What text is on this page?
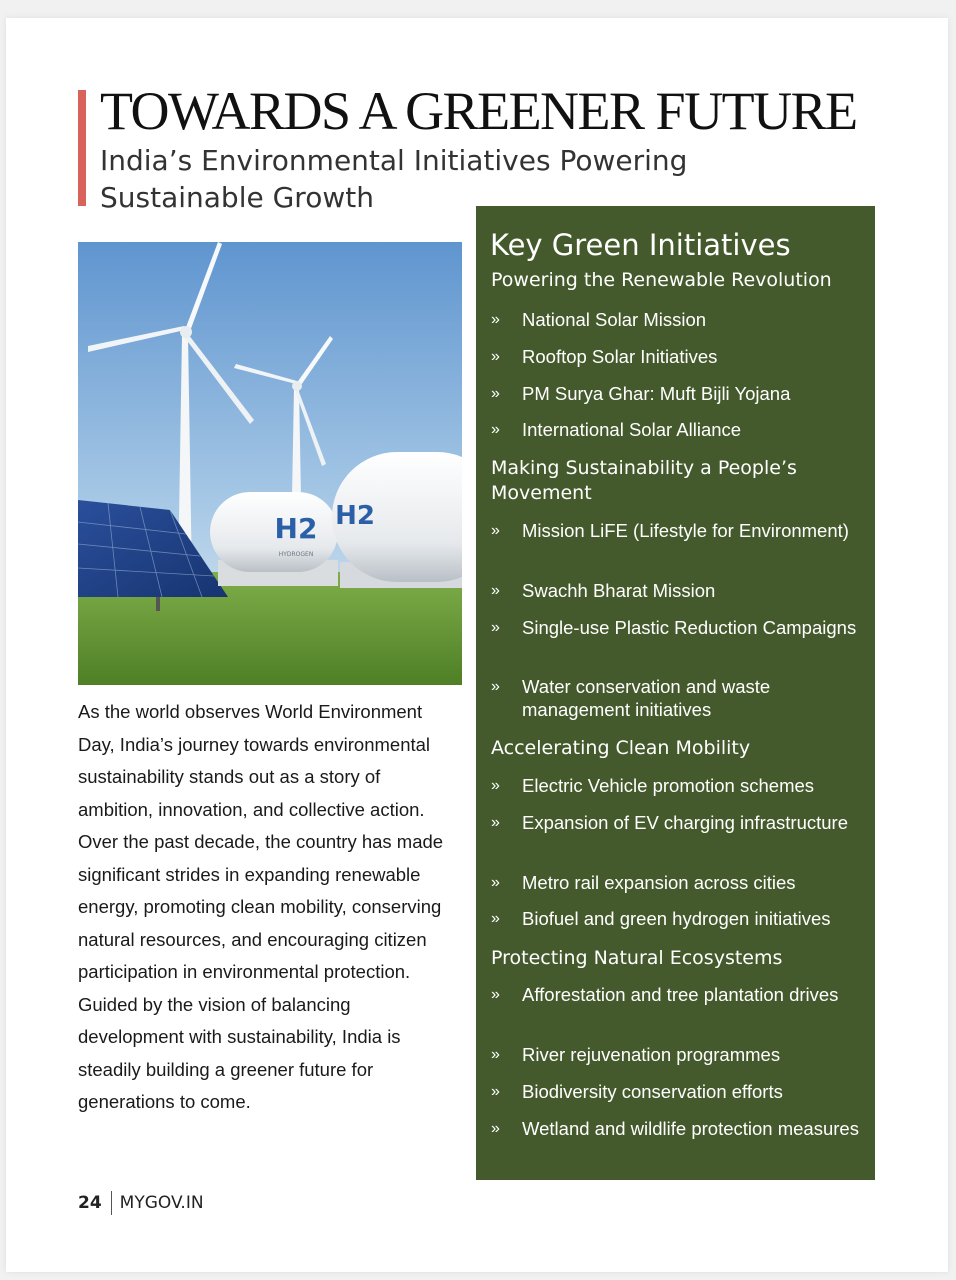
TOWARDS A GREENER FUTURE
India’s Environmental Initiatives Powering Sustainable Growth
H2
HYDROGEN
H2
As the world observes World Environment Day, India’s journey towards environmental sustainability stands out as a story of ambition, innovation, and collective action. Over the past decade, the country has made significant strides in expanding renewable energy, promoting clean mobility, conserving natural resources, and encouraging citizen participation in environmental protection. Guided by the vision of balancing development with sustainability, India is steadily building a greener future for generations to come.
24 MYGOV.IN
Key Green Initiatives
Powering the Renewable Revolution
» National Solar Mission
» Rooftop Solar Initiatives
» PM Surya Ghar: Muft Bijli Yojana
» International Solar Alliance
Making Sustainability a People’s Movement
» Mission LiFE (Lifestyle for Environment)
» Swachh Bharat Mission
» Single-use Plastic Reduction Campaigns
» Water conservation and waste management initiatives
Accelerating Clean Mobility
» Electric Vehicle promotion schemes
» Expansion of EV charging infrastructure
» Metro rail expansion across cities
» Biofuel and green hydrogen initiatives
Protecting Natural Ecosystems
» Afforestation and tree plantation drives
» River rejuvenation programmes
» Biodiversity conservation efforts
» Wetland and wildlife protection measures
